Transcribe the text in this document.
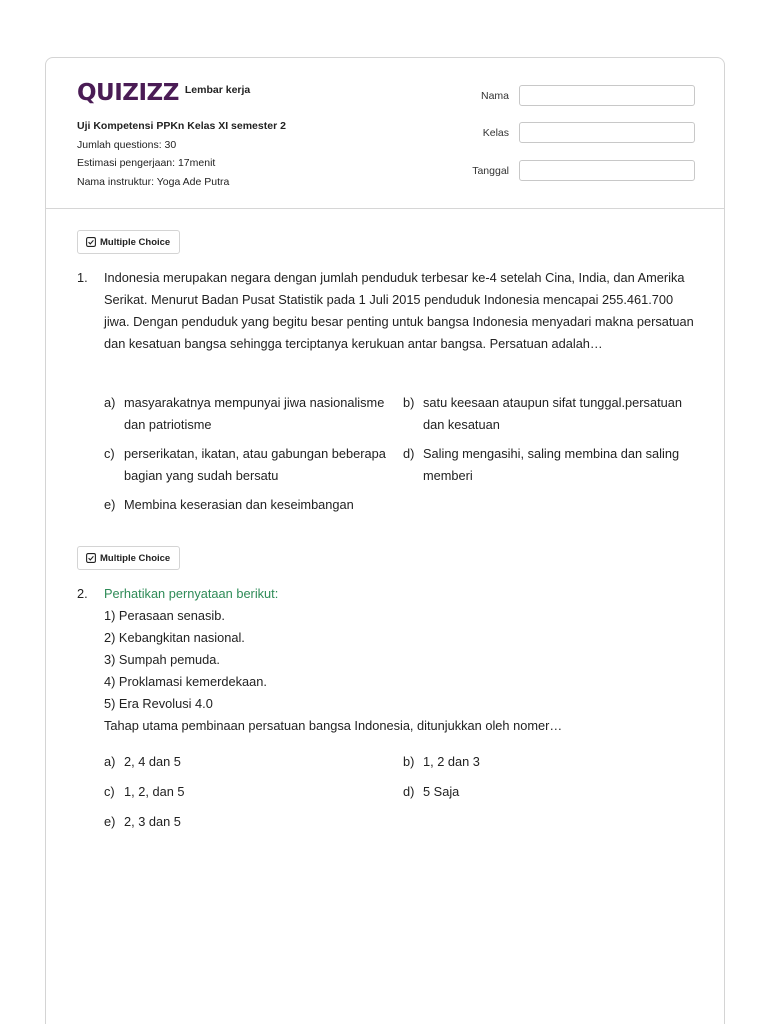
QUIZIZZ Lembar kerja
Uji Kompetensi PPKn Kelas XI semester 2
Jumlah questions: 30
Estimasi pengerjaan: 17menit
Nama instruktur: Yoga Ade Putra
Nama
Kelas
Tanggal
Multiple Choice
1. Indonesia merupakan negara dengan jumlah penduduk terbesar ke-4 setelah Cina, India, dan Amerika Serikat. Menurut Badan Pusat Statistik pada 1 Juli 2015 penduduk Indonesia mencapai 255.461.700 jiwa. Dengan penduduk yang begitu besar penting untuk bangsa Indonesia menyadari makna persatuan dan kesatuan bangsa sehingga terciptanya kerukuan antar bangsa. Persatuan adalah…
a) masyarakatnya mempunyai jiwa nasionalisme dan patriotisme
b) satu keesaan ataupun sifat tunggal.persatuan dan kesatuan
c) perserikatan, ikatan, atau gabungan beberapa bagian yang sudah bersatu
d) Saling mengasihi, saling membina dan saling memberi
e) Membina keserasian dan keseimbangan
Multiple Choice
2. Perhatikan pernyataan berikut:
1) Perasaan senasib.
2) Kebangkitan nasional.
3) Sumpah pemuda.
4) Proklamasi kemerdekaan.
5) Era Revolusi 4.0
Tahap utama pembinaan persatuan bangsa Indonesia, ditunjukkan oleh nomer…
a) 2, 4 dan 5	b) 1, 2 dan 3
c) 1, 2, dan 5	d) 5 Saja
e) 2, 3 dan 5
